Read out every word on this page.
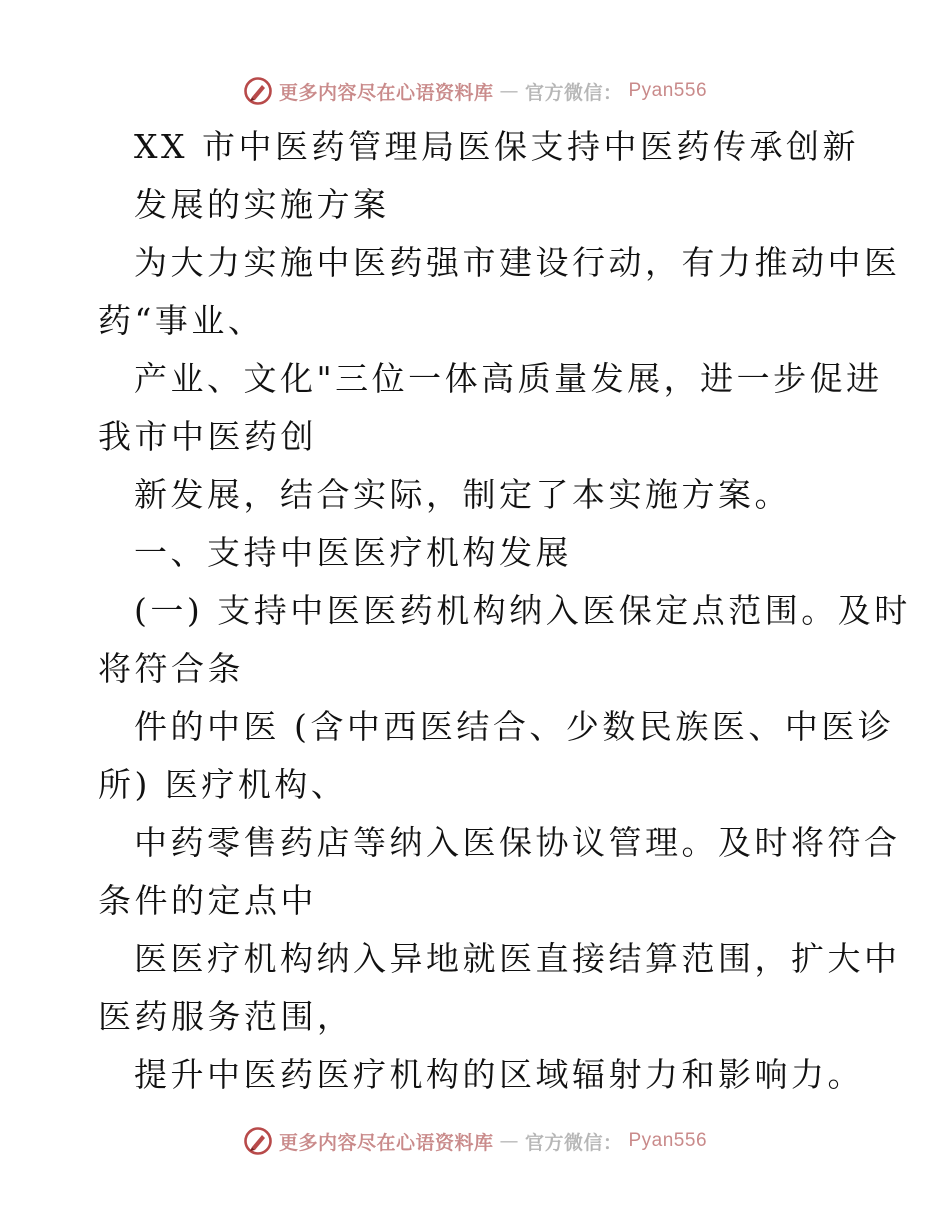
更多内容尽在心语资料库 — 官方微信： Pyan556
XX 市中医药管理局医保支持中医药传承创新
发展的实施方案
为大力实施中医药强市建设行动，有力推动中医
药“事业、
产业、文化"三位一体高质量发展，进一步促进
我市中医药创
新发展，结合实际，制定了本实施方案。
一、支持中医医疗机构发展
(一) 支持中医医药机构纳入医保定点范围。及时
将符合条
件的中医 (含中西医结合、少数民族医、中医诊
所) 医疗机构、
中药零售药店等纳入医保协议管理。及时将符合
条件的定点中
医医疗机构纳入异地就医直接结算范围，扩大中
医药服务范围，
提升中医药医疗机构的区域辐射力和影响力。
更多内容尽在心语资料库 — 官方微信： Pyan556
